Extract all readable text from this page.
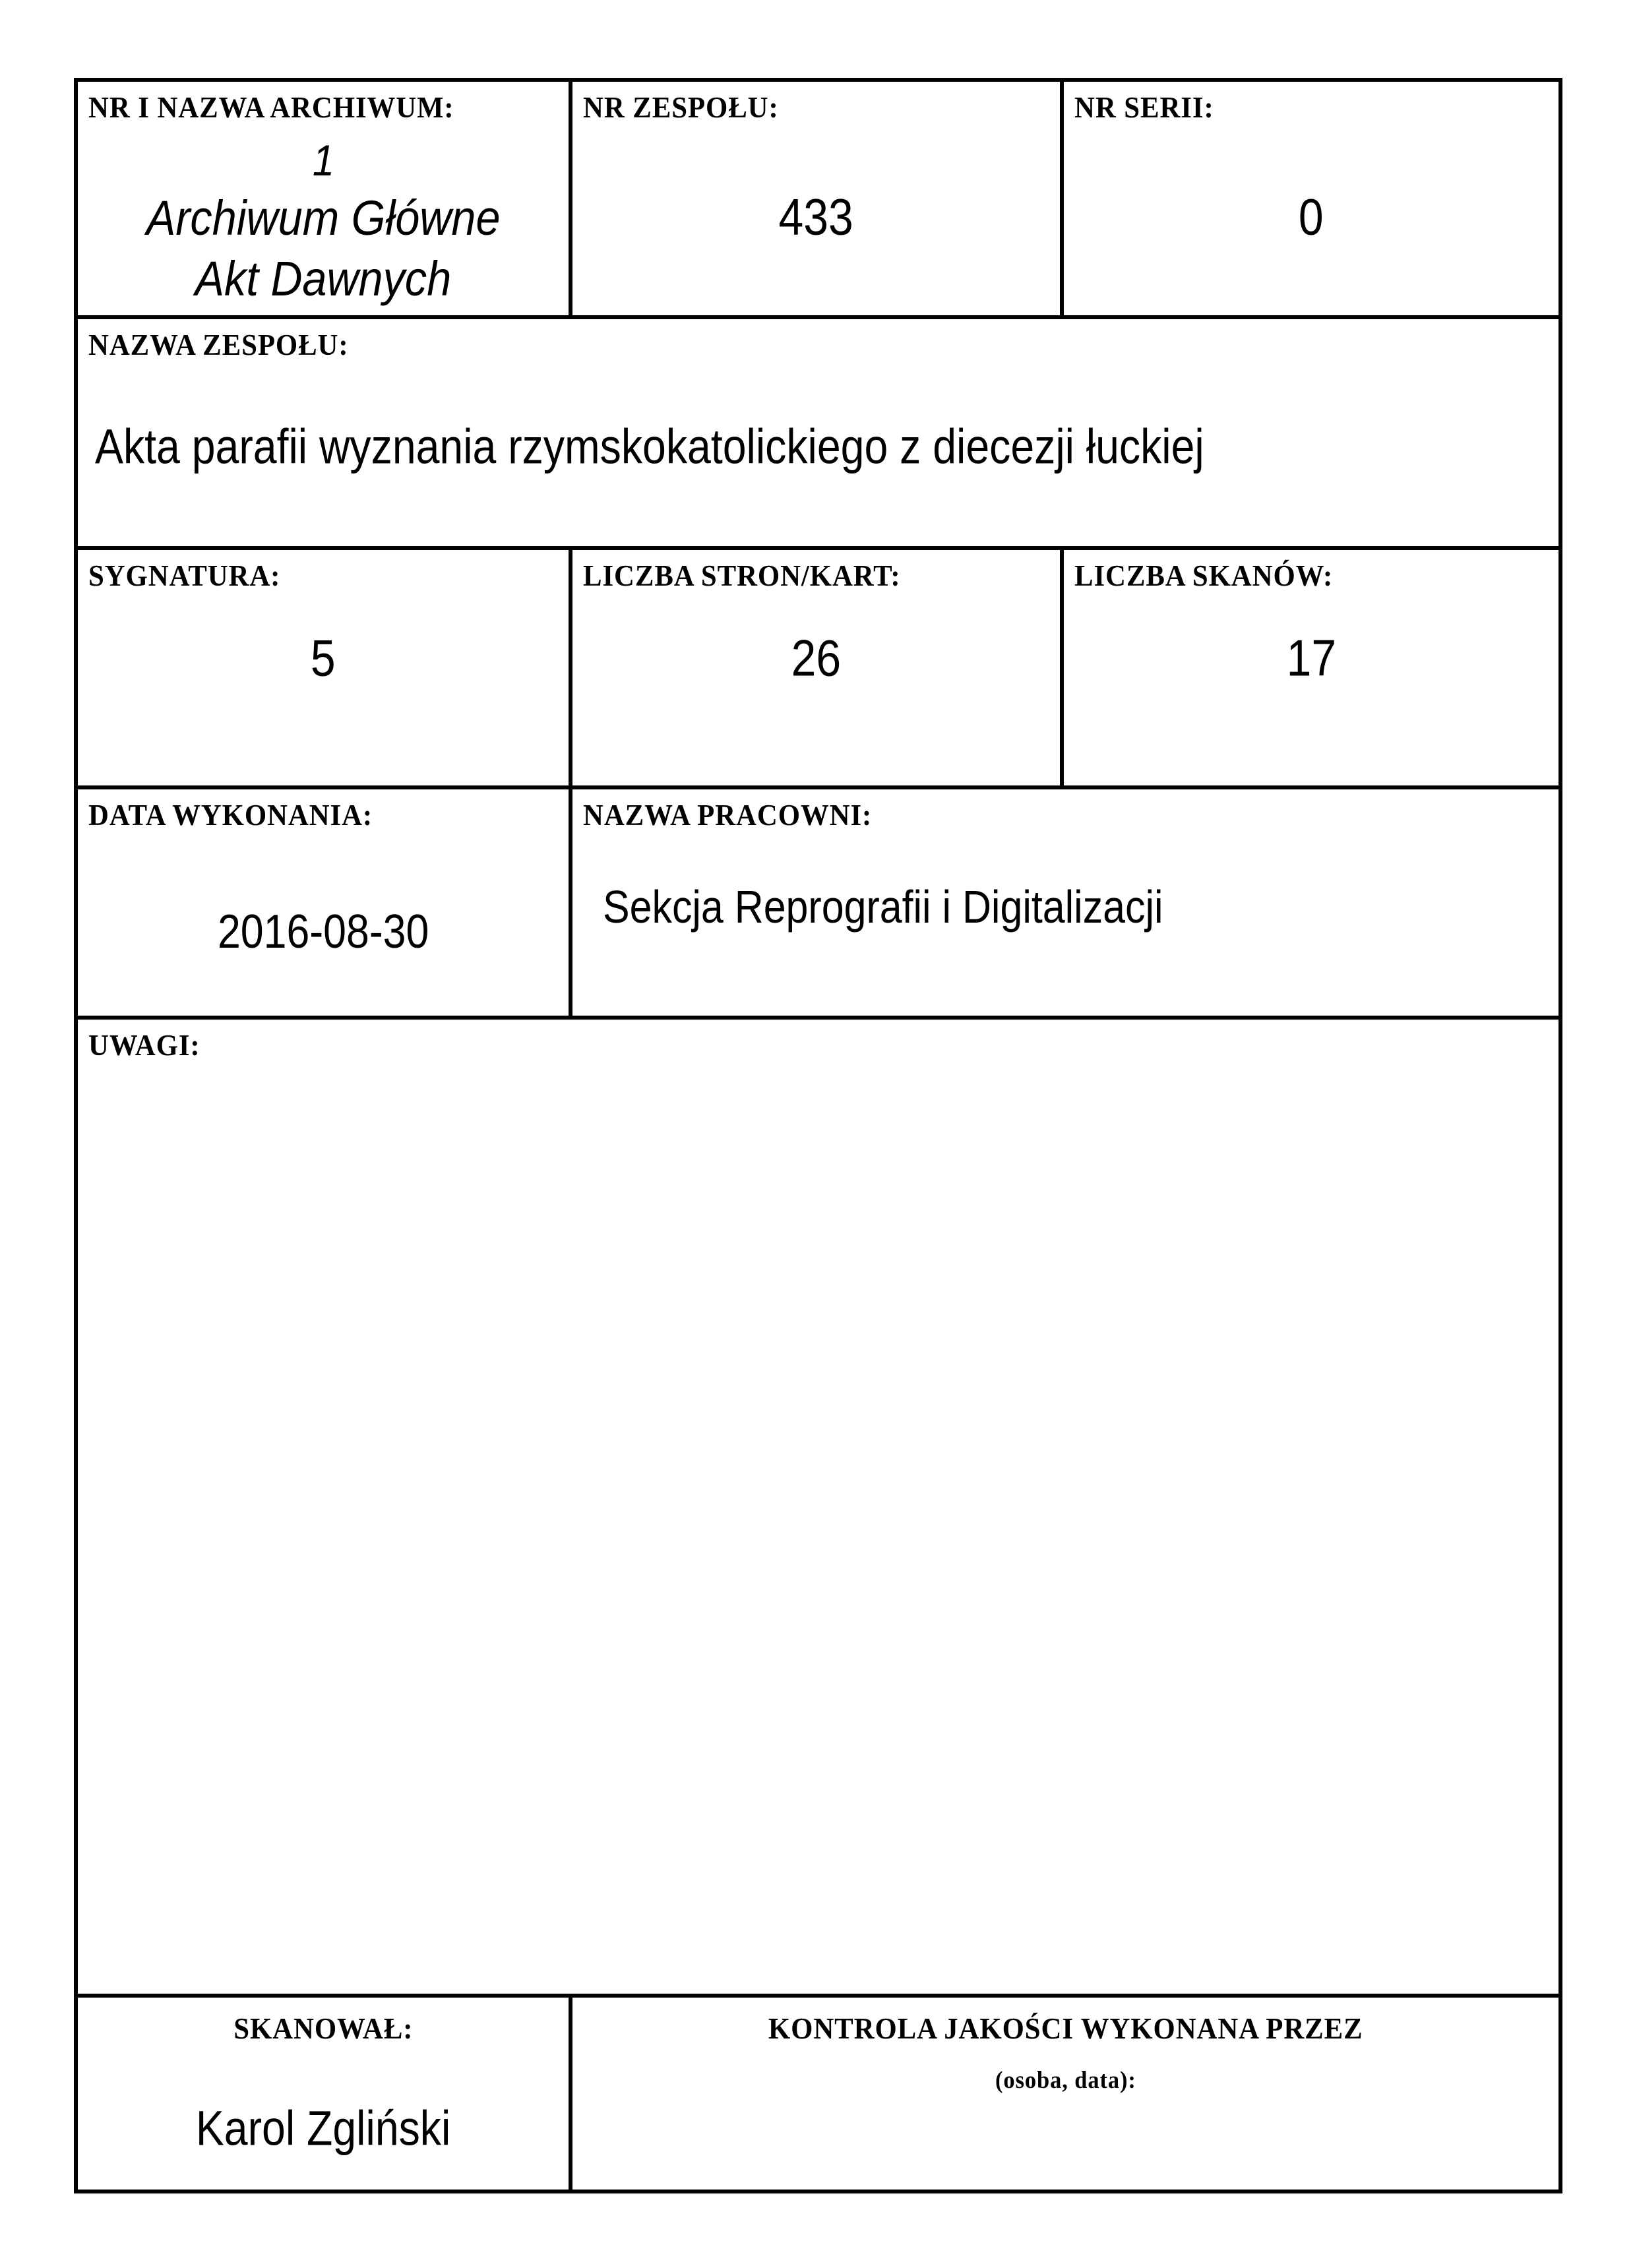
NR I NAZWA ARCHIWUM:
1
Archiwum Główne
Akt Dawnych

NR ZESPOŁU:
433

NR SERII:
0

NAZWA ZESPOŁU:
Akta parafii wyznania rzymskokatolickiego z diecezji łuckiej		

SYGNATURA:
5

LICZBA STRON/KART:
26

LICZBA SKANÓW:
17

DATA WYKONANIA:
2016-08-30

NAZWA PRACOWNI:
Sekcja Reprografii i Digitalizacji

UWAGI:		

SKANOWAŁ:
Karol Zgliński

KONTROLA JAKOŚCI WYKONANA PRZEZ
(osoba, data):
